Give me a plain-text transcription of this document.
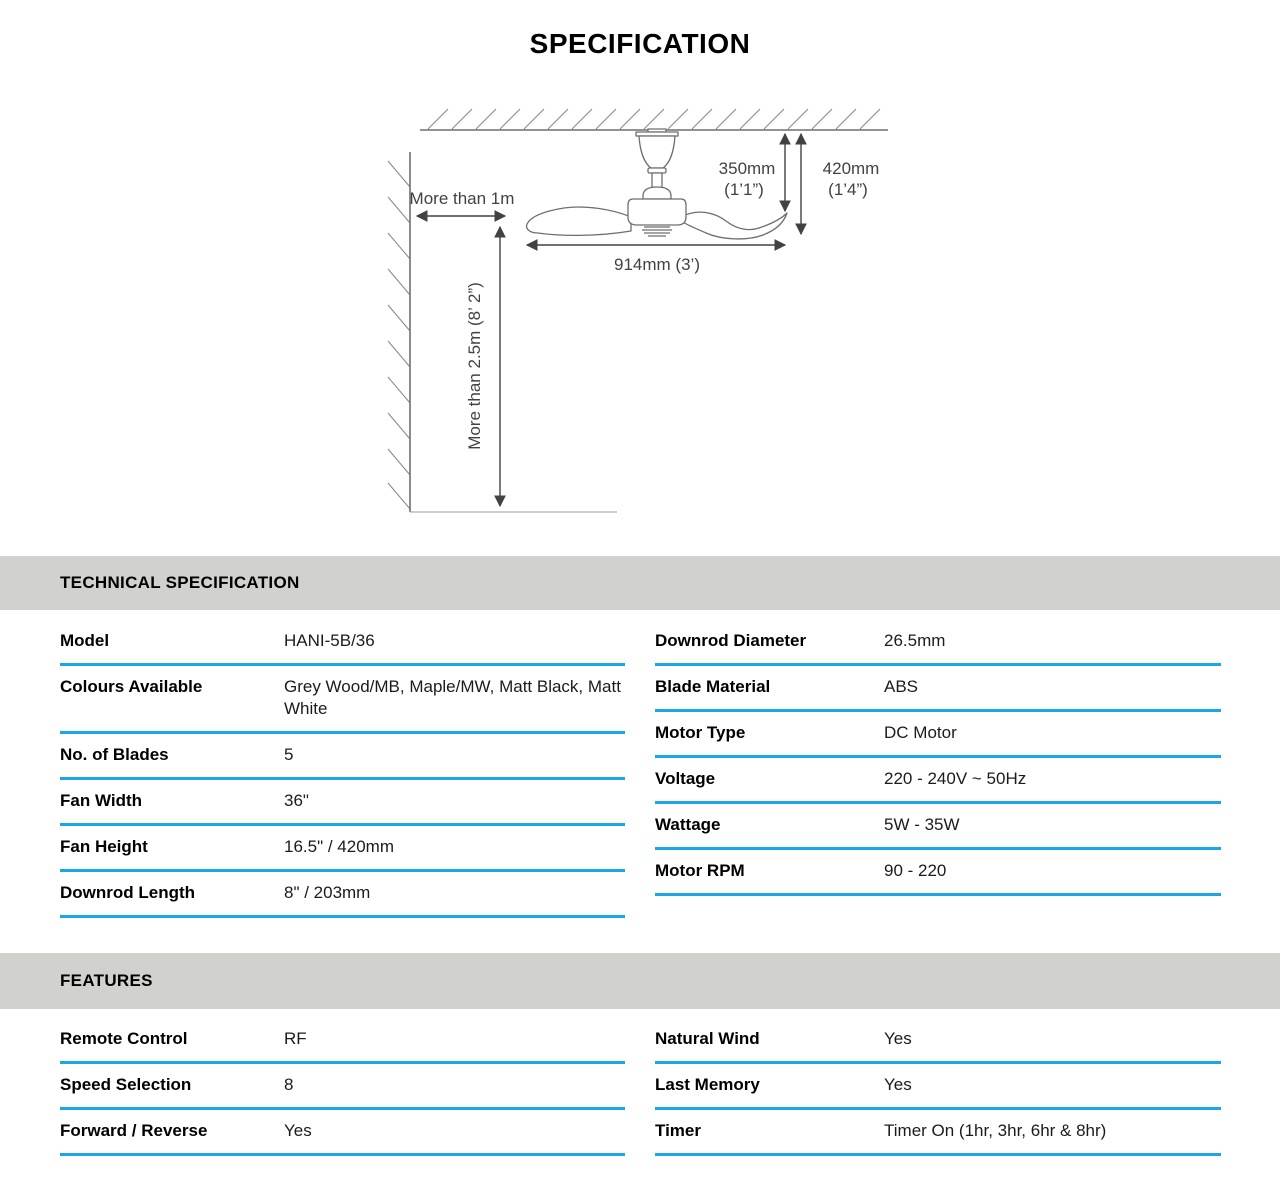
SPECIFICATION
More than 1m
More than 2.5m (8’ 2”)
914mm (3’)
350mm
(1’1”)
420mm
(1’4”)
TECHNICAL SPECIFICATION
Model	HANI-5B/36
Colours Available	Grey Wood/MB, Maple/MW, Matt Black, Matt White
No. of Blades	5
Fan Width	36"
Fan Height	16.5" / 420mm
Downrod Length	8" / 203mm
Downrod Diameter	26.5mm
Blade Material	ABS
Motor Type	DC Motor
Voltage	220 - 240V ~ 50Hz
Wattage	5W - 35W
Motor RPM	90 - 220
FEATURES
Remote Control	RF
Speed Selection	8
Forward / Reverse	Yes
Natural Wind	Yes
Last Memory	Yes
Timer	Timer On (1hr, 3hr, 6hr & 8hr)
